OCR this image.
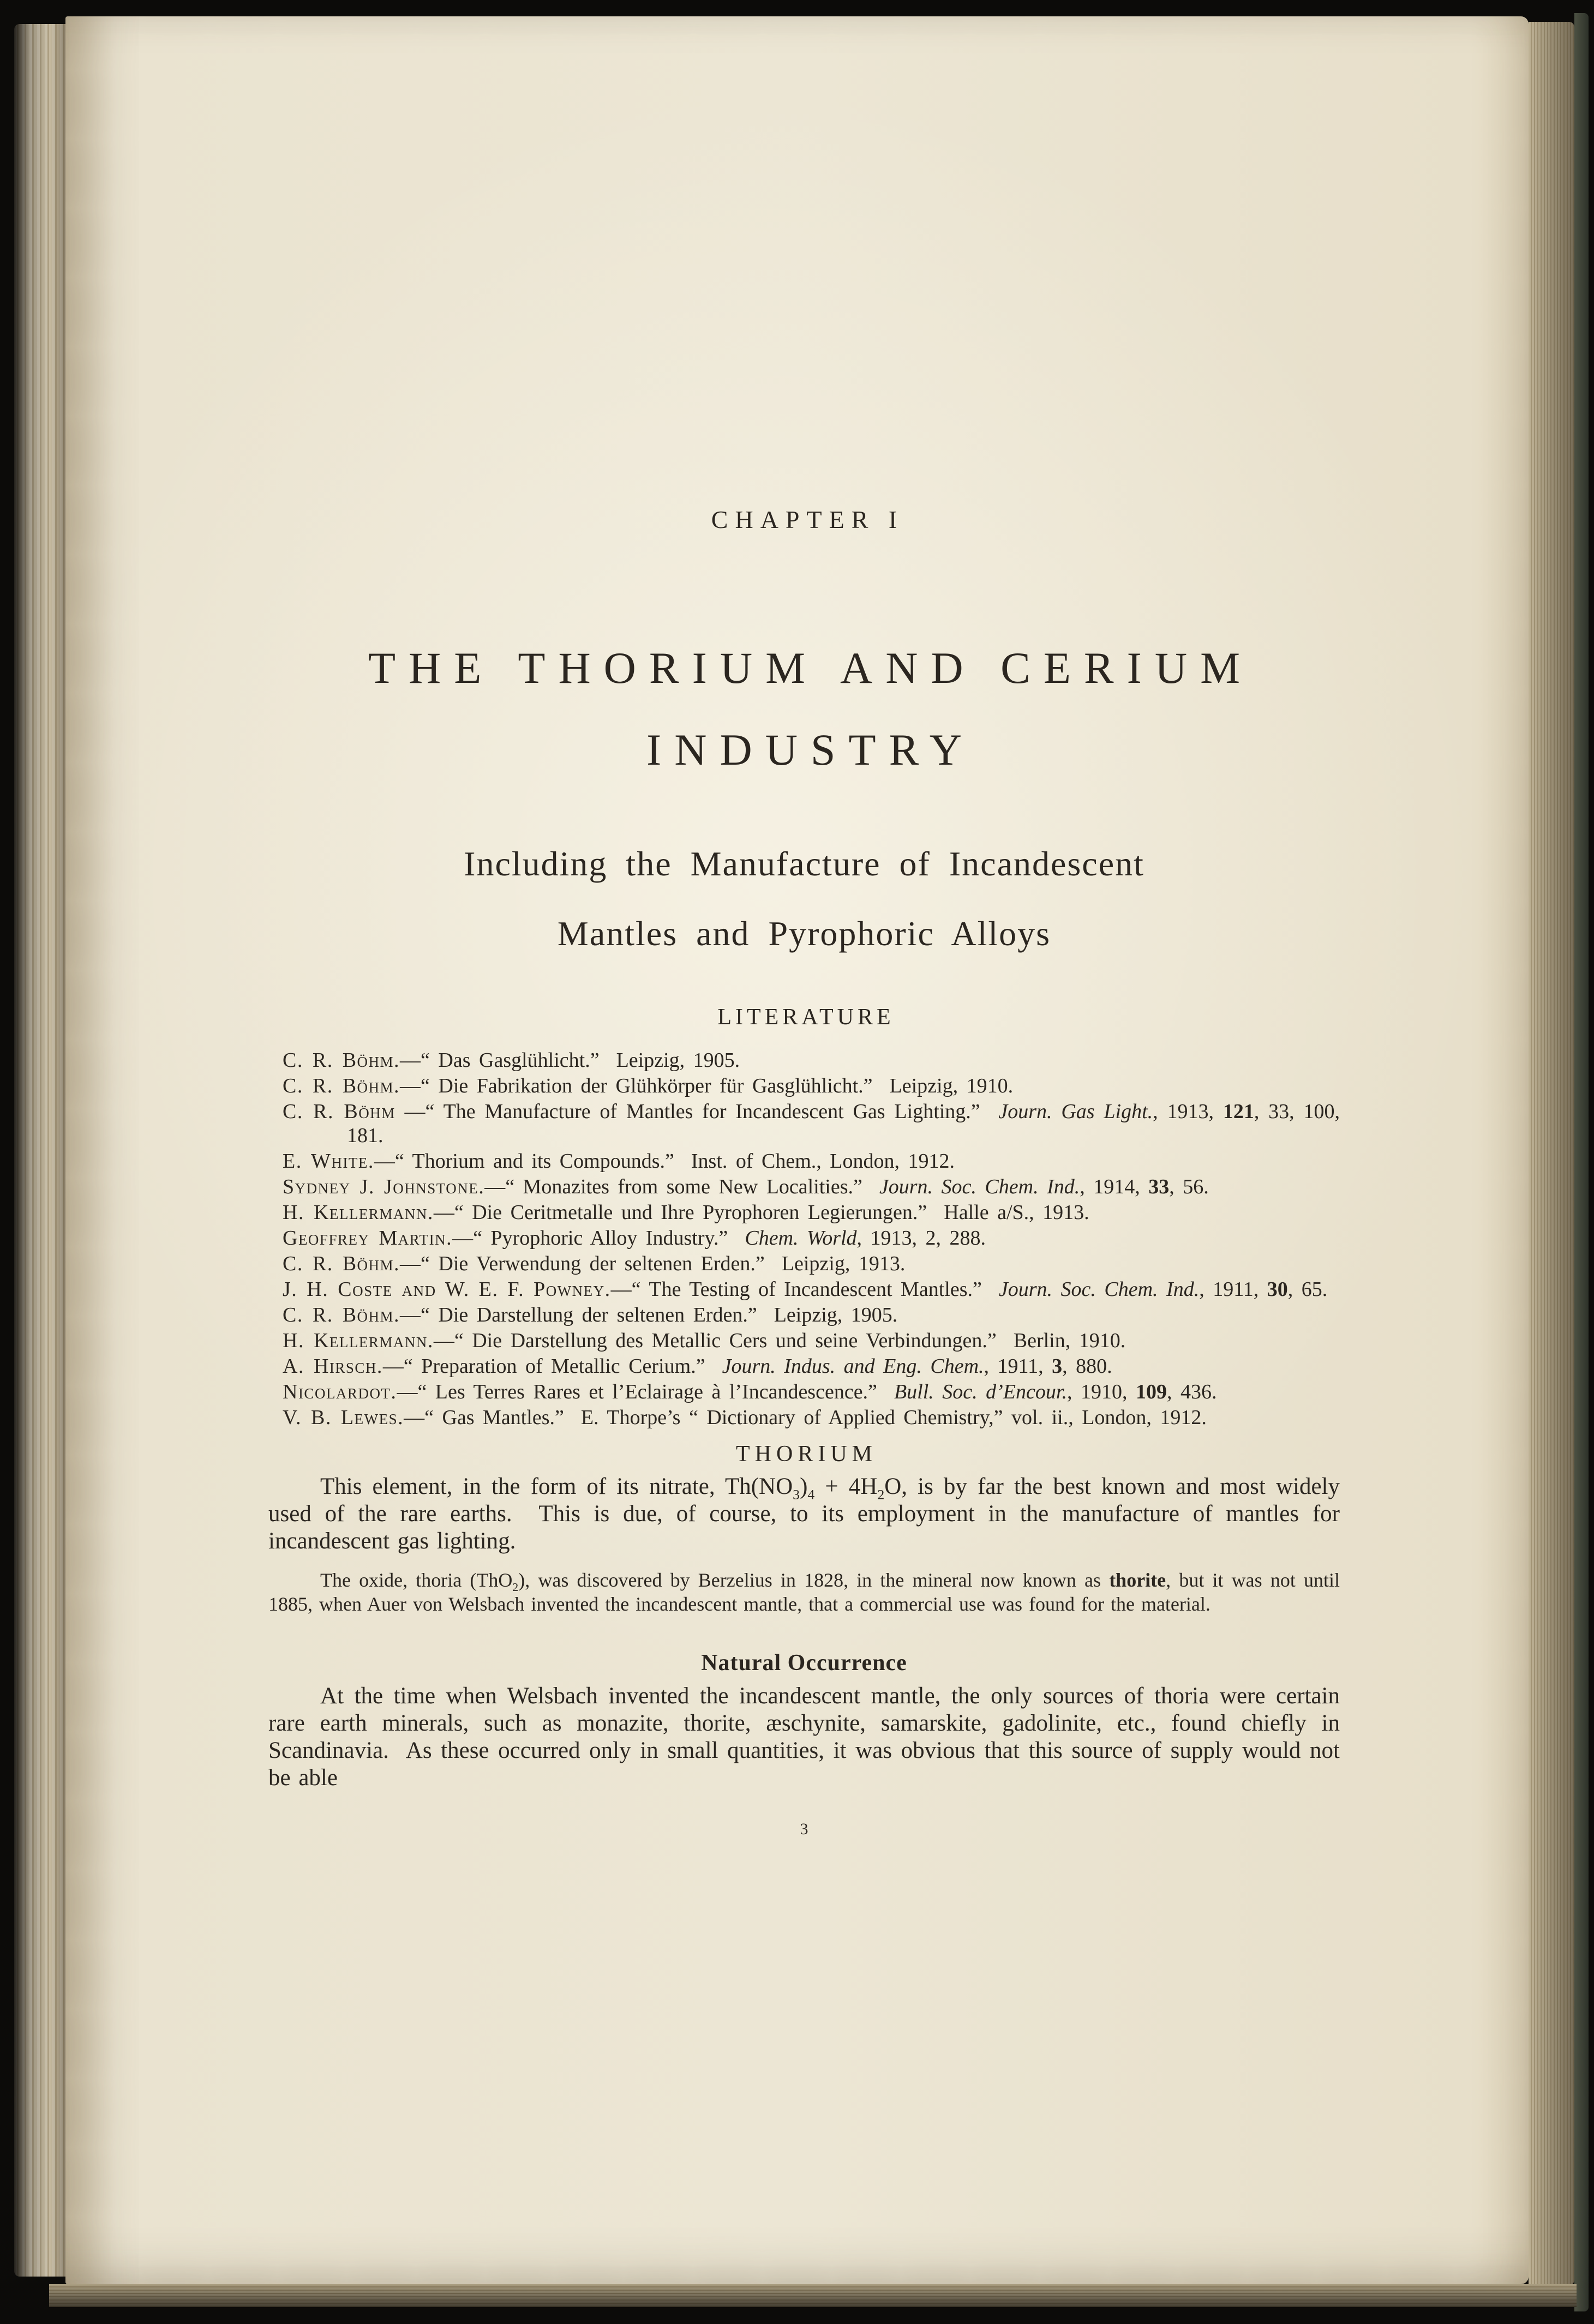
CHAPTER I
THE THORIUM AND CERIUM
INDUSTRY
Including the Manufacture of Incandescent
Mantles and Pyrophoric Alloys
LITERATURE
C. R. Böhm.—“ Das Gasglühlicht.”  Leipzig, 1905.
C. R. Böhm.—“ Die Fabrikation der Glühkörper für Gasglühlicht.”  Leipzig, 1910.
C. R. Böhm —“ The Manufacture of Mantles for Incandescent Gas Lighting.”  Journ. Gas Light., 1913, 121, 33, 100, 181.
E. White.—“ Thorium and its Compounds.”  Inst. of Chem., London, 1912.
Sydney J. Johnstone.—“ Monazites from some New Localities.”  Journ. Soc. Chem. Ind., 1914, 33, 56.
H. Kellermann.—“ Die Ceritmetalle und Ihre Pyrophoren Legierungen.”  Halle a/S., 1913.
Geoffrey Martin.—“ Pyrophoric Alloy Industry.”  Chem. World, 1913, 2, 288.
C. R. Böhm.—“ Die Verwendung der seltenen Erden.”  Leipzig, 1913.
J. H. Coste and W. E. F. Powney.—“ The Testing of Incandescent Mantles.”  Journ. Soc. Chem. Ind., 1911, 30, 65.
C. R. Böhm.—“ Die Darstellung der seltenen Erden.”  Leipzig, 1905.
H. Kellermann.—“ Die Darstellung des Metallic Cers und seine Verbindungen.”  Berlin, 1910.
A. Hirsch.—“ Preparation of Metallic Cerium.”  Journ. Indus. and Eng. Chem., 1911, 3, 880.
Nicolardot.—“ Les Terres Rares et l’Eclairage à l’Incandescence.”  Bull. Soc. d’Encour., 1910, 109, 436.
V. B. Lewes.—“ Gas Mantles.”  E. Thorpe’s “ Dictionary of Applied Chemistry,” vol. ii., London, 1912.
THORIUM

This element, in the form of its nitrate, $Th(NO_3)_4 + 4H_2O$, is by far the best known and most widely used of the rare earths.  This is due, of course, to its employment in the manufacture of mantles for incandescent gas lighting.

The oxide, thoria (ThO$_2$), was discovered by Berzelius in 1828, in the mineral now known as thorite, but it was not until 1885, when Auer von Welsbach invented the incandescent mantle, that a commercial use was found for the material.

Natural Occurrence

At the time when Welsbach invented the incandescent mantle, the only sources of thoria were certain rare earth minerals, such as monazite, thorite, æschynite, samarskite, gadolinite, etc., found chiefly in Scandinavia.  As these occurred only in small quantities, it was obvious that this source of supply would not be able

3
